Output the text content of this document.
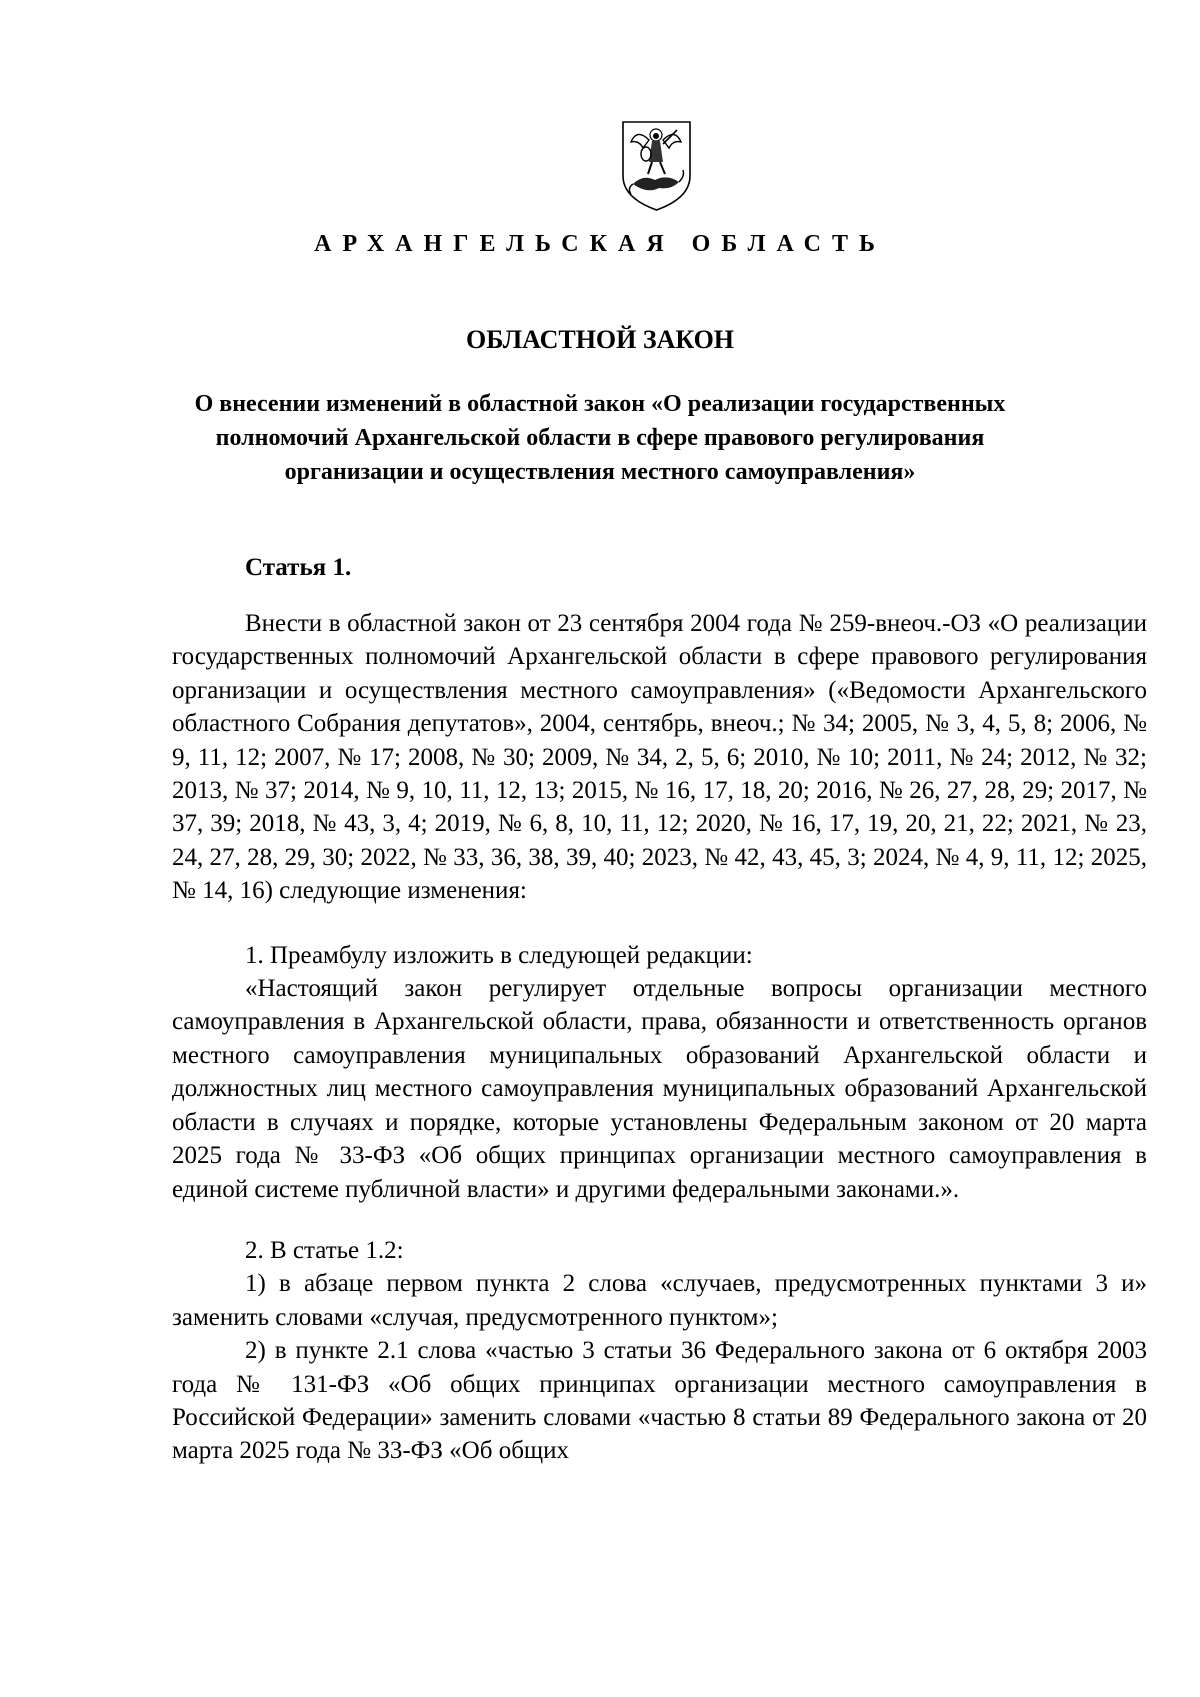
АРХАНГЕЛЬСКАЯ ОБЛАСТЬ
ОБЛАСТНОЙ ЗАКОН

О внесении изменений в областной закон «О реализации государственных полномочий Архангельской области в сфере правового регулирования организации и осуществления местного самоуправления»

Статья 1.

Внести в областной закон от 23 сентября 2004 года № 259-внеоч.-ОЗ «О реализации государственных полномочий Архангельской области в сфере правового регулирования организации и осуществления местного самоуправления» («Ведомости Архангельского областного Собрания депутатов», 2004, сентябрь, внеоч.; № 34; 2005, № 3, 4, 5, 8; 2006, № 9, 11, 12; 2007, № 17; 2008, № 30; 2009, № 34, 2, 5, 6; 2010, № 10; 2011, № 24; 2012, № 32; 2013, № 37; 2014, № 9, 10, 11, 12, 13; 2015, № 16, 17, 18, 20; 2016, № 26, 27, 28, 29; 2017, № 37, 39; 2018, № 43, 3, 4; 2019, № 6, 8, 10, 11, 12; 2020, № 16, 17, 19, 20, 21, 22; 2021, № 23, 24, 27, 28, 29, 30; 2022, № 33, 36, 38, 39, 40; 2023, № 42, 43, 45, 3; 2024, № 4, 9, 11, 12; 2025, № 14, 16) следующие изменения:

1. Преамбулу изложить в следующей редакции:

«Настоящий закон регулирует отдельные вопросы организации местного самоуправления в Архангельской области, права, обязанности и ответственность органов местного самоуправления муниципальных образований Архангельской области и должностных лиц местного самоуправления муниципальных образований Архангельской области в случаях и порядке, которые установлены Федеральным законом от 20 марта 2025 года № 33-ФЗ «Об общих принципах организации местного самоуправления в единой системе публичной власти» и другими федеральными законами.».

2. В статье 1.2:

1) в абзаце первом пункта 2 слова «случаев, предусмотренных пунктами 3 и» заменить словами «случая, предусмотренного пунктом»;

2) в пункте 2.1 слова «частью 3 статьи 36 Федерального закона от 6 октября 2003 года № 131-ФЗ «Об общих принципах организации местного самоуправления в Российской Федерации» заменить словами «частью 8 статьи 89 Федерального закона от 20 марта 2025 года № 33-ФЗ «Об общих
